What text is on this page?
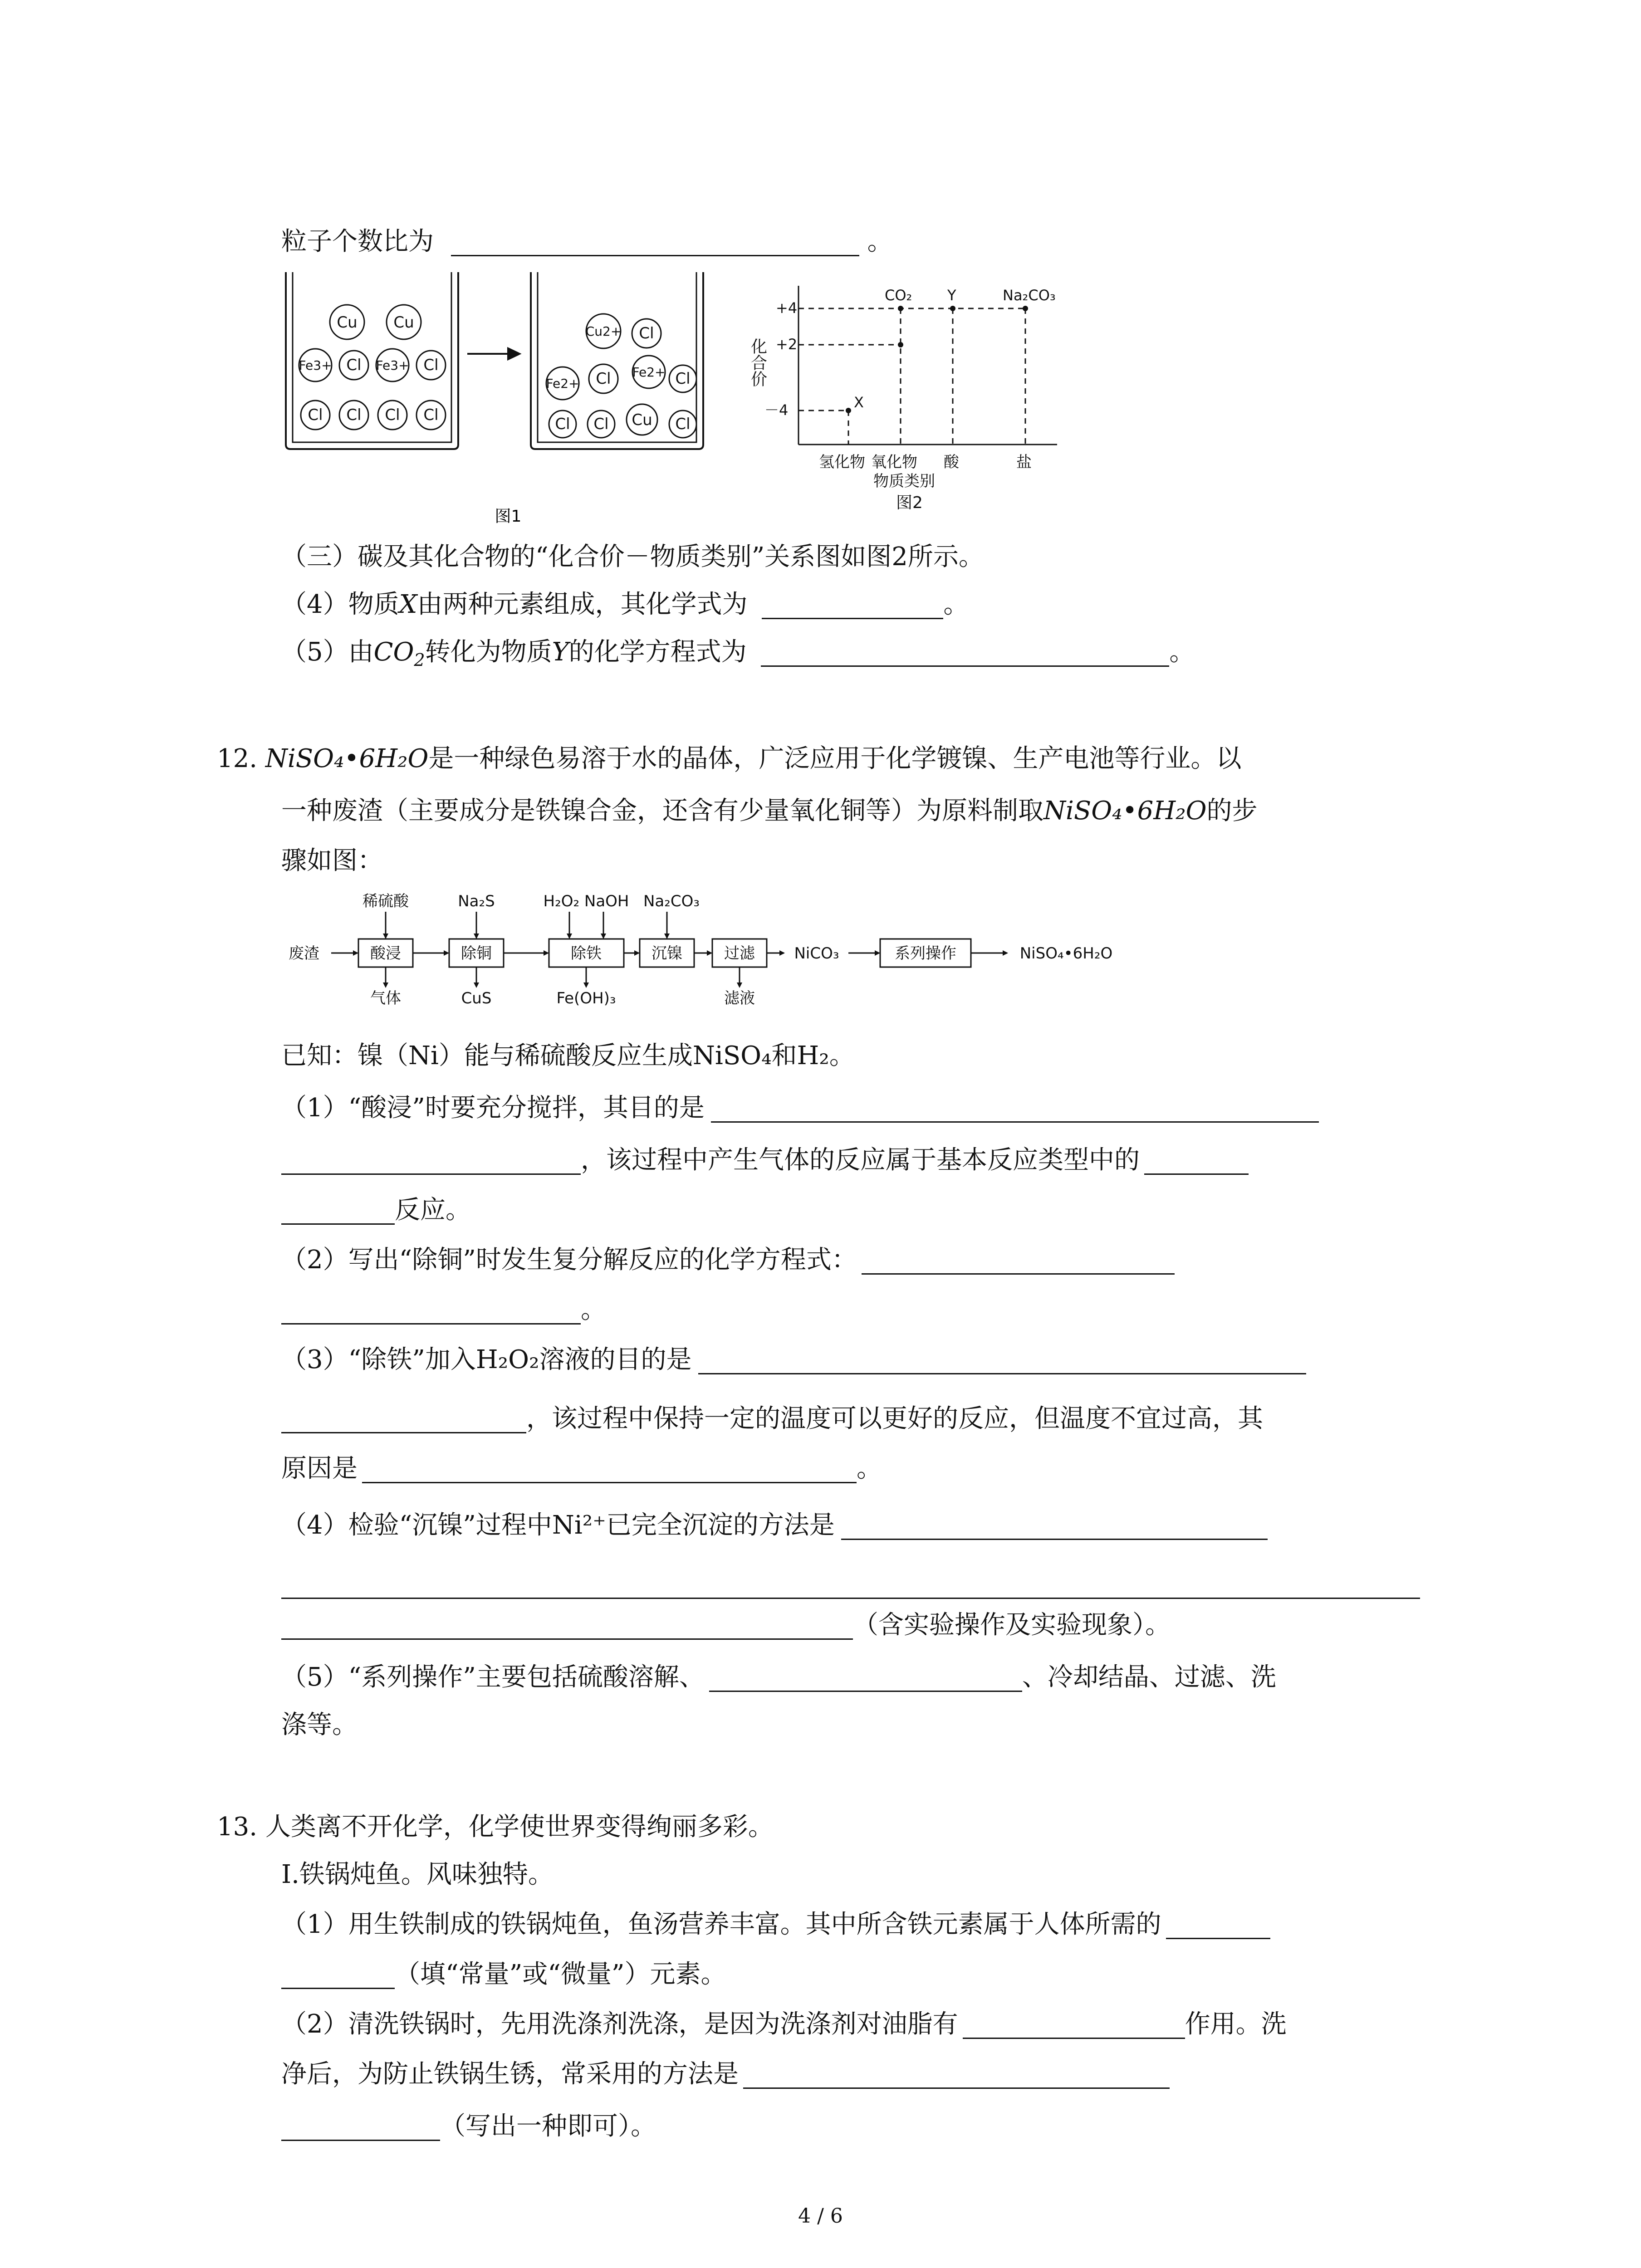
粒子个数比为	。
Cu Cu
Fe3+ Cl Fe3+ Cl
Cl Cl Cl Cl
Cu2+ Cl
Fe2+ Cl Fe2+ Cl
Cl Cl Cu Cl
图1
+4
+2
－4
化合价
CO₂ Y	Na₂CO₃
X
氢化物 氧化物 酸	盐
物质类别
图2
（三）碳及其化合物的“化合价－物质类别”关系图如图2所示。
（4）物质X由两种元素组成，其化学式为	。
（5）由$CO_2$转化为物质Y的化学方程式为	。
12. NiSO₄•6H₂O是一种绿色易溶于水的晶体，广泛应用于化学镀镍、生产电池等行业。以
一种废渣（主要成分是铁镍合金，还含有少量氧化铜等）为原料制取NiSO₄•6H₂O的步
骤如图：
废渣	酸浸	除铜	除铁	沉镍	过滤	NiCO₃	系列操作	NiSO₄•6H₂O
稀硫酸	Na₂S	H₂O₂ NaOH Na₂CO₃
气体	CuS	Fe(OH)₃	滤液
已知：镍（Ni）能与稀硫酸反应生成NiSO₄和H₂。
（1）“酸浸”时要充分搅拌，其目的是
，该过程中产生气体的反应属于基本反应类型中的
反应。
（2）写出“除铜”时发生复分解反应的化学方程式：
。
（3）“除铁”加入H₂O₂溶液的目的是
，该过程中保持一定的温度可以更好的反应，但温度不宜过高，其
原因是	。
（4）检验“沉镍”过程中Ni²⁺已完全沉淀的方法是
（含实验操作及实验现象）。
（5）“系列操作”主要包括硫酸溶解、	、冷却结晶、过滤、洗
涤等。
13. 人类离不开化学，化学使世界变得绚丽多彩。
Ⅰ.铁锅炖鱼。风味独特。
（1）用生铁制成的铁锅炖鱼，鱼汤营养丰富。其中所含铁元素属于人体所需的
（填“常量”或“微量”）元素。
（2）清洗铁锅时，先用洗涤剂洗涤，是因为洗涤剂对油脂有	作用。洗
净后，为防止铁锅生锈，常采用的方法是
（写出一种即可）。
4 / 6
